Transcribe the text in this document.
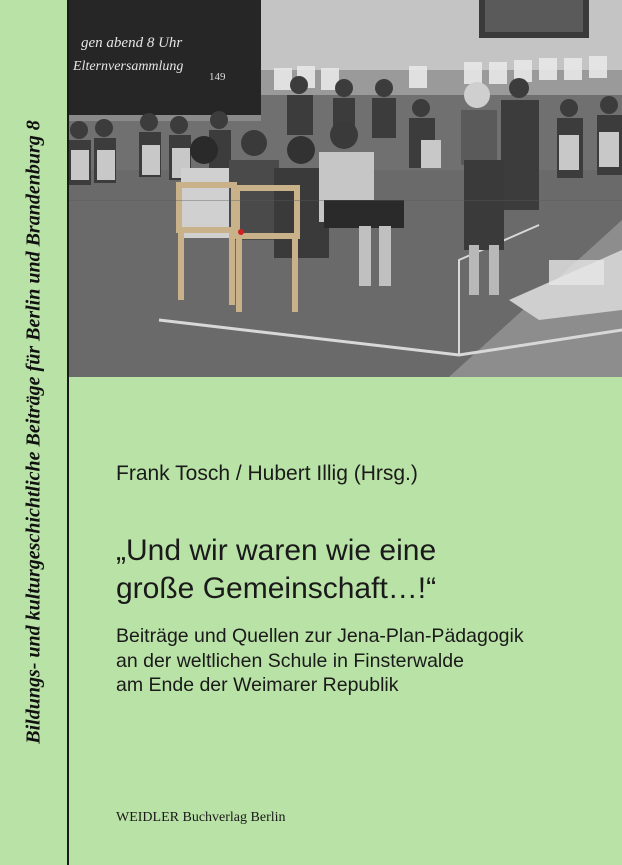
Bildungs- und kulturgeschichtliche Beiträge für Berlin und Brandenburg 8
gen abend 8 Uhr
Elternversammlung
149
Frank Tosch / Hubert Illig (Hrsg.)
„Und wir waren wie eine
große Gemeinschaft…!“
Beiträge und Quellen zur Jena-Plan-Pädagogik
an der weltlichen Schule in Finsterwalde
am Ende der Weimarer Republik
WEIDLER Buchverlag Berlin
